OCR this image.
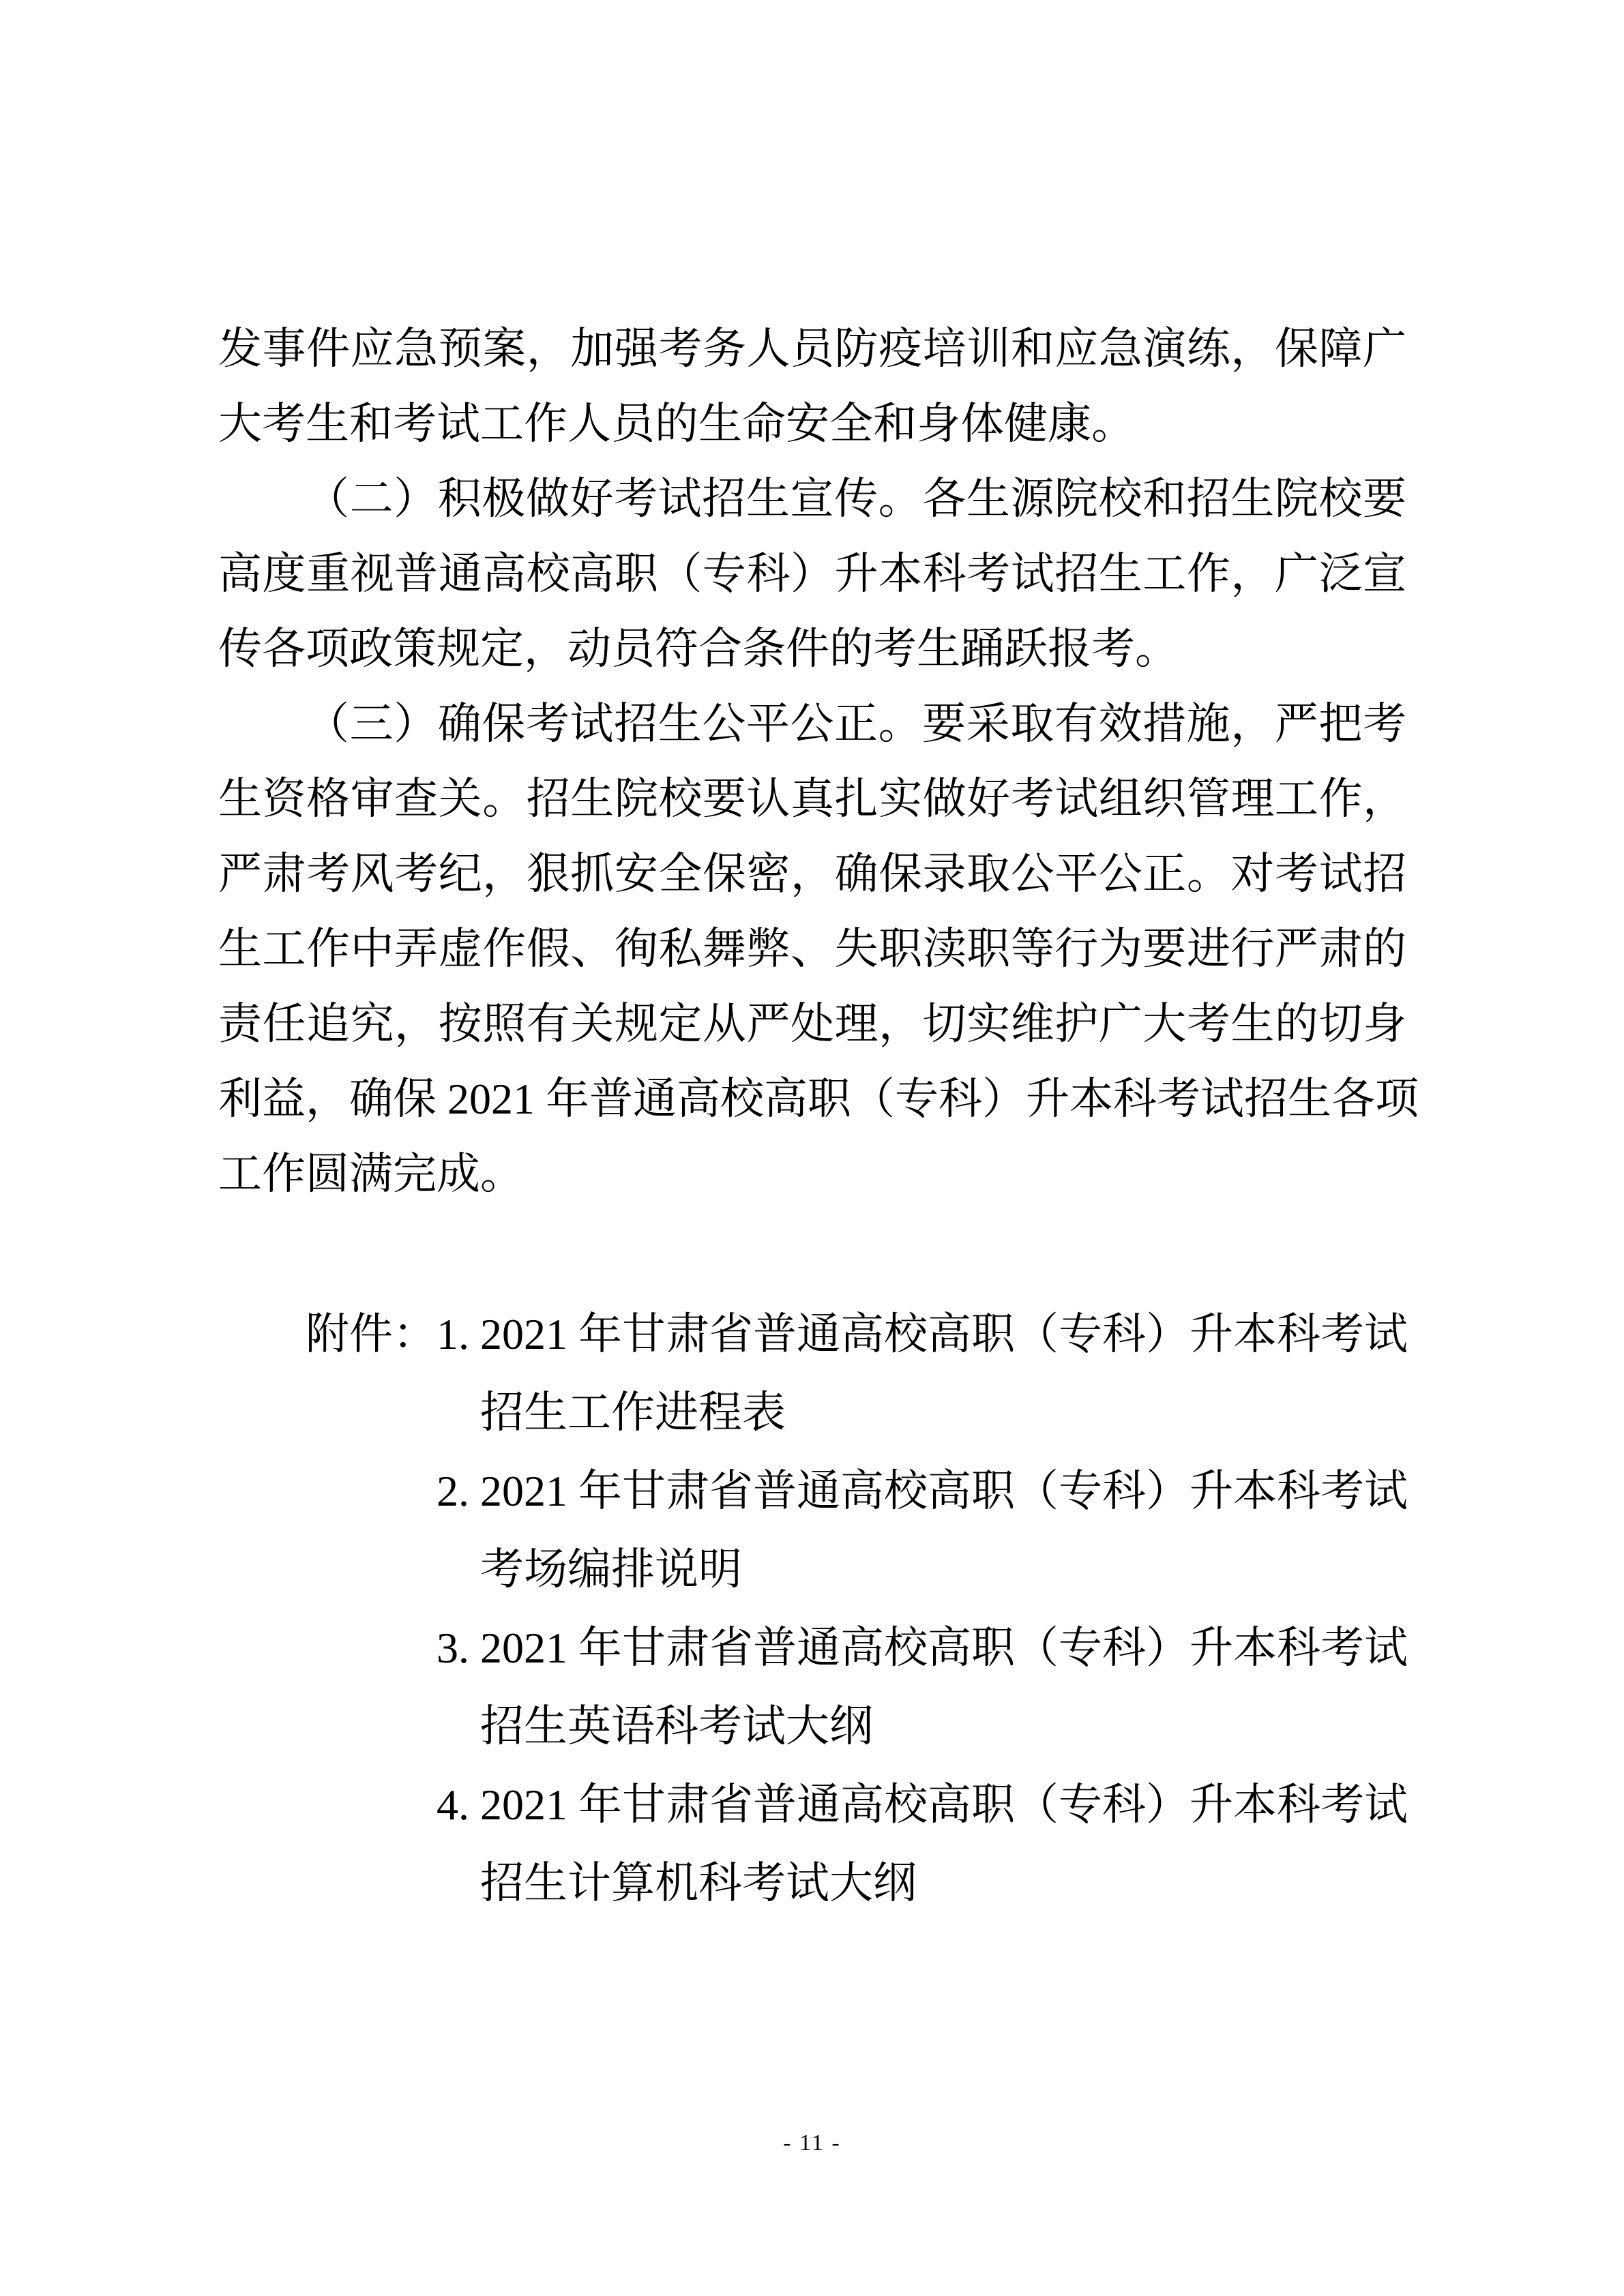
发事件应急预案，加强考务人员防疫培训和应急演练，保障广
大考生和考试工作人员的生命安全和身体健康。
（二）积极做好考试招生宣传。各生源院校和招生院校要
高度重视普通高校高职（专科）升本科考试招生工作，广泛宣
传各项政策规定，动员符合条件的考生踊跃报考。
（三）确保考试招生公平公正。要采取有效措施，严把考
生资格审查关。招生院校要认真扎实做好考试组织管理工作，
严肃考风考纪，狠抓安全保密，确保录取公平公正。对考试招
生工作中弄虚作假、徇私舞弊、失职渎职等行为要进行严肃的
责任追究，按照有关规定从严处理，切实维护广大考生的切身
利益，确保 2021 年普通高校高职（专科）升本科考试招生各项
工作圆满完成。
附件：1. 2021 年甘肃省普通高校高职（专科）升本科考试
招生工作进程表
2. 2021 年甘肃省普通高校高职（专科）升本科考试
考场编排说明
3. 2021 年甘肃省普通高校高职（专科）升本科考试
招生英语科考试大纲
4. 2021 年甘肃省普通高校高职（专科）升本科考试
招生计算机科考试大纲
- 11 -
